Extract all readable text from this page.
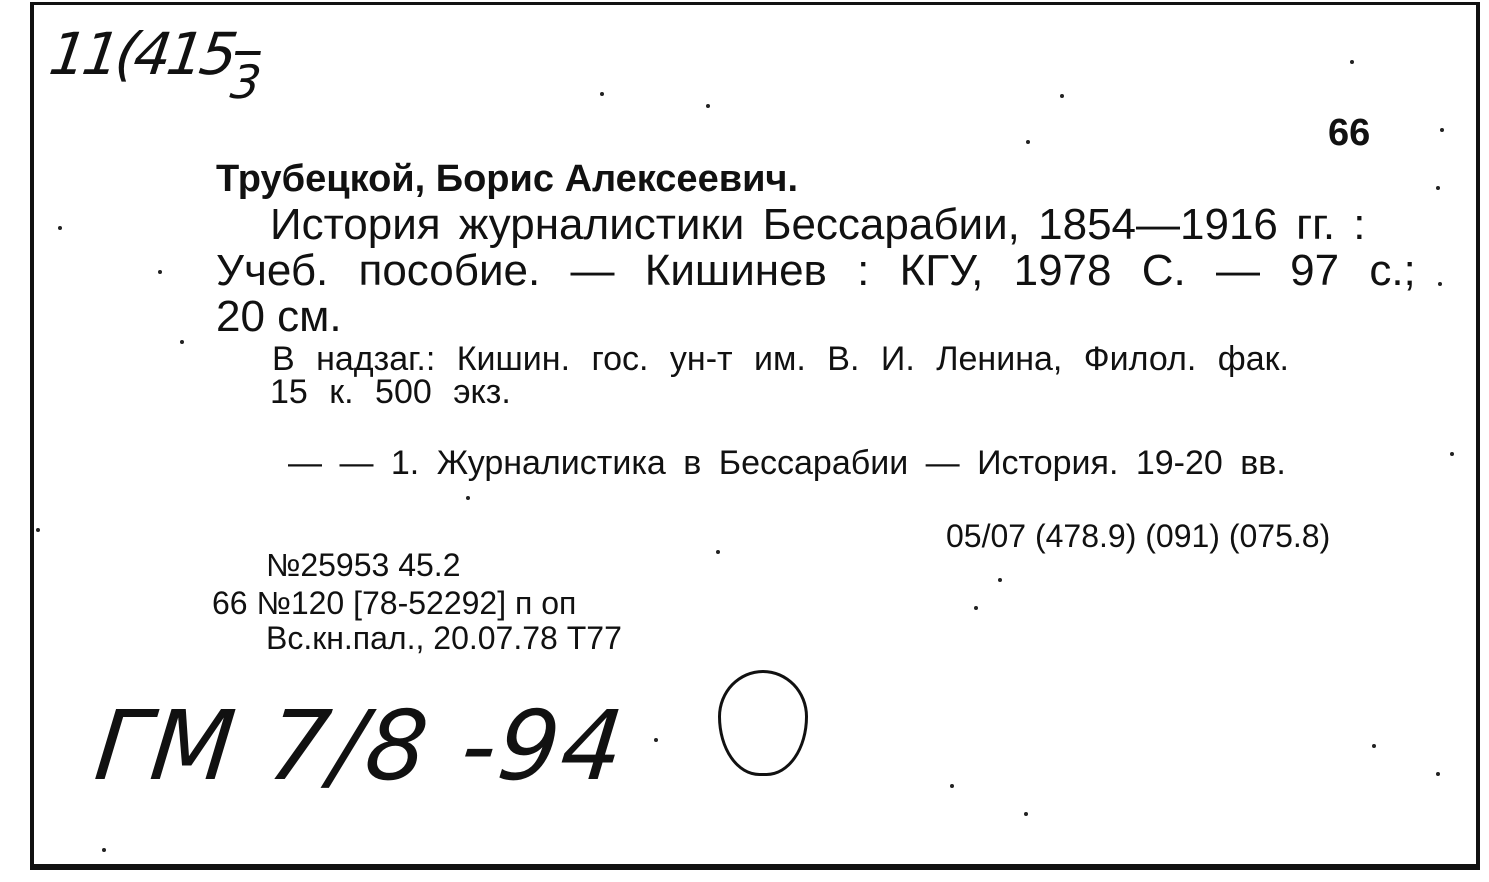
$11(415_3$
66
Трубецкой, Борис Алексеевич.
История журналистики Бессарабии, 1854—1916 гг. :
Учеб. пособие. — Кишинев : КГУ, 1978 С. — 97 с.;
20 см.
В надзаг.: Кишин. гос. ун-т им. В. И. Ленина, Филол. фак.
15 к. 500 экз.
— — 1. Журналистика в Бессарабии — История. 19-20 вв.
05/07 (478.9) (091) (075.8)
№25953 45.2
66 №120 [78-52292] п оп
Вс.кн.пал., 20.07.78 Т77
ГМ 7/8 -94
